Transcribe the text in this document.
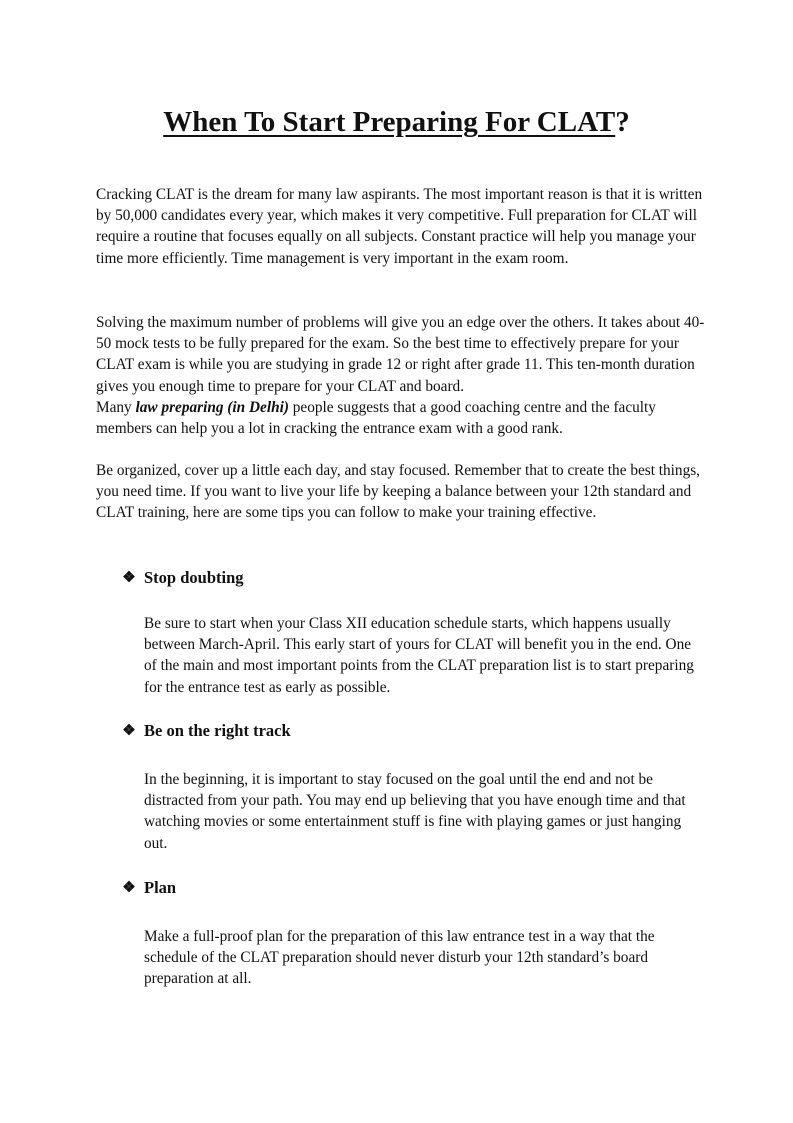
When To Start Preparing For CLAT?

Cracking CLAT is the dream for many law aspirants. The most important reason is that it is written by 50,000 candidates every year, which makes it very competitive. Full preparation for CLAT will require a routine that focuses equally on all subjects. Constant practice will help you manage your time more efficiently. Time management is very important in the exam room.

Solving the maximum number of problems will give you an edge over the others. It takes about 40-50 mock tests to be fully prepared for the exam. So the best time to effectively prepare for your CLAT exam is while you are studying in grade 12 or right after grade 11. This ten-month duration gives you enough time to prepare for your CLAT and board.
Many law preparing (in Delhi) people suggests that a good coaching centre and the faculty members can help you a lot in cracking the entrance exam with a good rank.

Be organized, cover up a little each day, and stay focused. Remember that to create the best things, you need time. If you want to live your life by keeping a balance between your 12th standard and CLAT training, here are some tips you can follow to make your training effective.

❖ Stop doubting

Be sure to start when your Class XII education schedule starts, which happens usually between March-April. This early start of yours for CLAT will benefit you in the end. One of the main and most important points from the CLAT preparation list is to start preparing for the entrance test as early as possible.

❖ Be on the right track

In the beginning, it is important to stay focused on the goal until the end and not be distracted from your path. You may end up believing that you have enough time and that watching movies or some entertainment stuff is fine with playing games or just hanging out.

❖ Plan

Make a full-proof plan for the preparation of this law entrance test in a way that the schedule of the CLAT preparation should never disturb your 12th standard’s board preparation at all.
